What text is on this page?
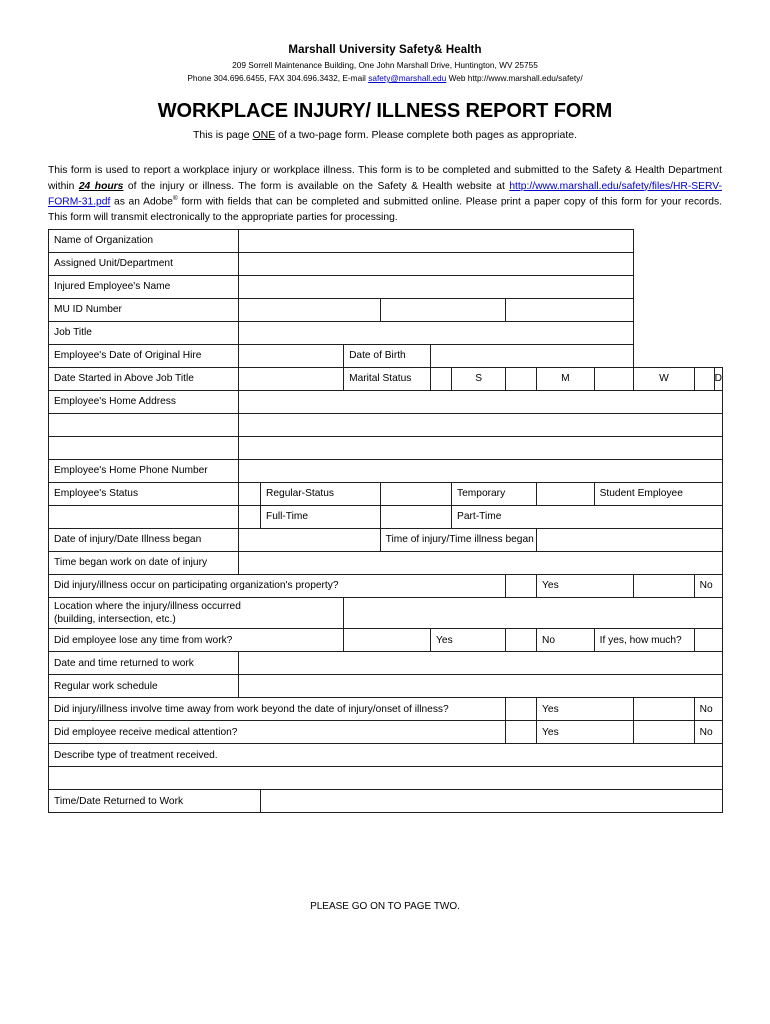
Marshall University Safety& Health
209 Sorrell Maintenance Building, One John Marshall Drive, Huntington, WV 25755
Phone 304.696.6455, FAX 304.696.3432, E-mail safety@marshall.edu Web http://www.marshall.edu/safety/
WORKPLACE INJURY/ ILLNESS REPORT FORM
This is page ONE of a two-page form. Please complete both pages as appropriate.
This form is used to report a workplace injury or workplace illness. This form is to be completed and submitted to the Safety & Health Department within 24 hours of the injury or illness. The form is available on the Safety & Health website at http://www.marshall.edu/safety/files/HR-SERV-FORM-31.pdf as an Adobe® form with fields that can be completed and submitted online. Please print a paper copy of this form for your records. This form will transmit electronically to the appropriate parties for processing.
Name of Organization												
Assigned Unit/Department												
Injured Employee's Name												
MU ID Number												
Job Title												
Employee's Date of Original Hire			Date of Birth									
Date Started in Above Job Title			Marital Status			S		M		W		D
Employee's Home Address												

Employee's Home Phone Number												
Employee's Status		Regular-Status				Temporary			Student Employee			
		Full-Time				Part-Time						
Date of injury/Date Illness began				Time of injury/Time illness began								
Time began work on date of injury												
Did injury/illness occur on participating organization's property?								Yes			No	
Location where the injury/illness occurred
(building, intersection, etc.)												
Did employee lose any time from work?					Yes			No	If yes, how much?			
Date and time returned to work												
Regular work schedule												
Did injury/illness involve time away from work beyond the date of injury/onset of illness?								Yes			No	
Did employee receive medical attention?								Yes			No	
Describe type of treatment received.												

Time/Date Returned to Work												
PLEASE GO ON TO PAGE TWO.
